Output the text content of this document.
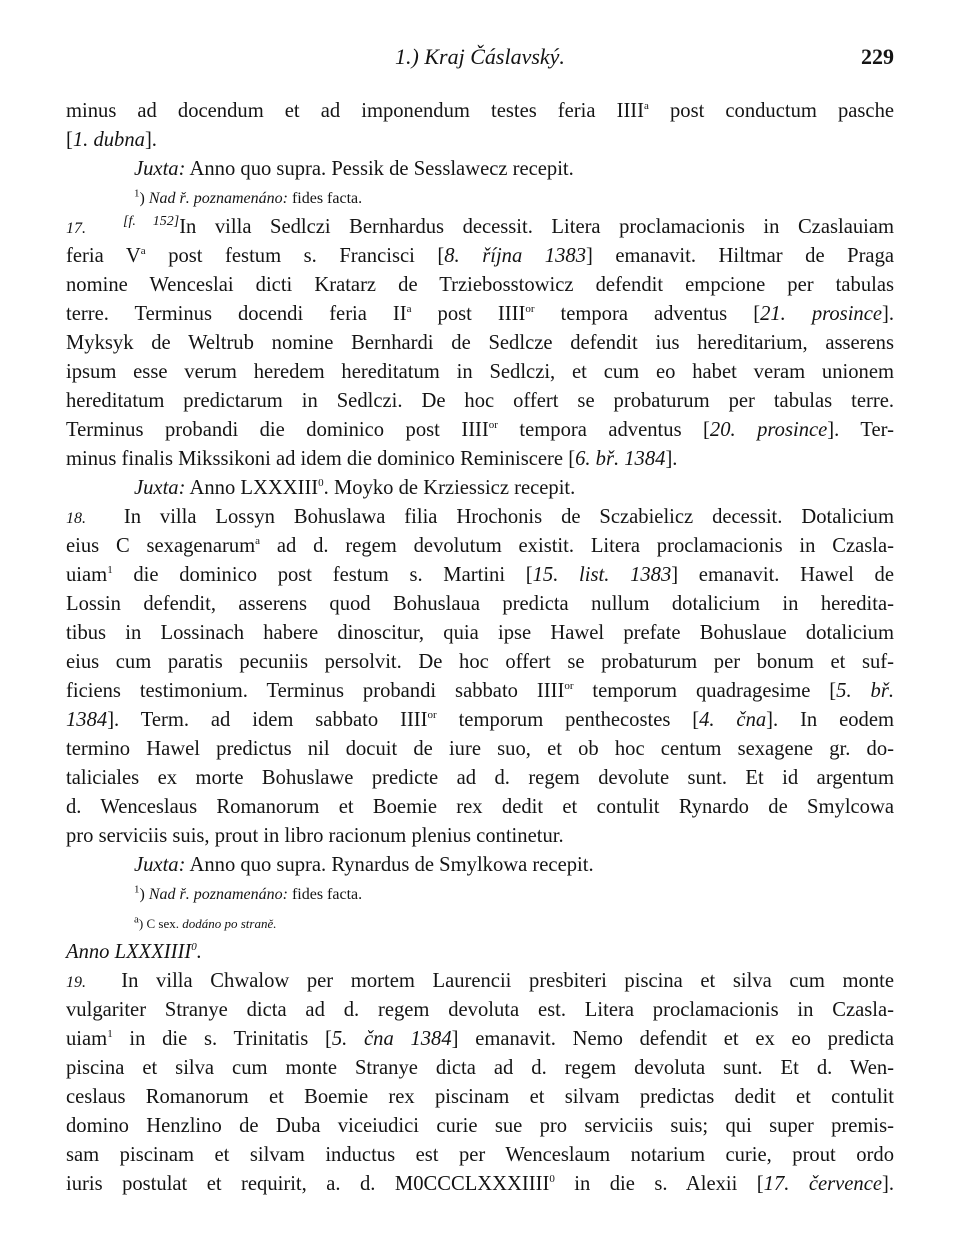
1.) Kraj Čáslavský.	229
minus ad docendum et ad imponendum testes feria IIII$^a$ post conductum pasche
[1. dubna].
Juxta: Anno quo supra. Pessik de Sesslawecz recepit.
$^1$) Nad ř. poznamenáno: fides facta.
17.	[f. 152]In villa Sedlczi Bernhardus decessit. Litera proclamacionis in Czaslauiam
feria $V^a$ post festum s. Francisci [8. října 1383] emanavit. Hiltmar de Praga
nomine Wenceslai dicti Kratarz de Trziebosstowicz defendit empcione per tabulas
terre. Terminus docendi feria $II^a$ post $IIII^{or}$ tempora adventus [21. prosince].
Myksyk de Weltrub nomine Bernhardi de Sedlcze defendit ius hereditarium, asserens
ipsum esse verum heredem hereditatum in Sedlczi, et cum eo habet veram unionem
hereditatum predictarum in Sedlczi. De hoc offert se probaturum per tabulas terre.
Terminus probandi die dominico post $IIII^{or}$ tempora adventus [20. prosince]. Ter-
minus finalis Mikssikoni ad idem die dominico Reminiscere [6. bř. 1384].
Juxta: Anno LXXXIII$^0$. Moyko de Krziessicz recepit.
18.  In villa Lossyn Bohuslawa filia Hrochonis de Sczabielicz decessit. Dotalicium
eius C sexagenarum$^a$ ad d. regem devolutum existit. Litera proclamacionis in Czasla-
uiam$^1$ die dominico post festum s. Martini [15. list. 1383] emanavit. Hawel de
Lossin defendit, asserens quod Bohuslaua predicta nullum dotalicium in heredita-
tibus in Lossinach habere dinoscitur, quia ipse Hawel prefate Bohuslaue dotalicium
eius cum paratis pecuniis persolvit. De hoc offert se probaturum per bonum et suf-
ficiens testimonium. Terminus probandi sabbato $IIII^{or}$ temporum quadragesime [5. bř.
1384]. Term. ad idem sabbato $IIII^{or}$ temporum penthecostes [4. čna]. In eodem
termino Hawel predictus nil docuit de iure suo, et ob hoc centum sexagene gr. do-
taliciales ex morte Bohuslawe predicte ad d. regem devolute sunt. Et id argentum
d. Wenceslaus Romanorum et Boemie rex dedit et contulit Rynardo de Smylcowa
pro serviciis suis, prout in libro racionum plenius continetur.
Juxta: Anno quo supra. Rynardus de Smylkowa recepit.
$^1$) Nad ř. poznamenáno: fides facta.
$^a$) C sex. dodáno po straně.
Anno LXXXIIII$^0$.
19.  In villa Chwalow per mortem Laurencii presbiteri piscina et silva cum monte
vulgariter Stranye dicta ad d. regem devoluta est. Litera proclamacionis in Czasla-
uiam$^1$ in die s. Trinitatis [5. čna 1384] emanavit. Nemo defendit et ex eo predicta
piscina et silva cum monte Stranye dicta ad d. regem devoluta sunt. Et d. Wen-
ceslaus Romanorum et Boemie rex piscinam et silvam predictas dedit et contulit
domino Henzlino de Duba viceiudici curie sue pro serviciis suis; qui super premis-
sam piscinam et silvam inductus est per Wenceslaum notarium curie, prout ordo
iuris postulat et requirit, a. d. M0CCCLXXXIIII$^0$ in die s. Alexii [17. července].
